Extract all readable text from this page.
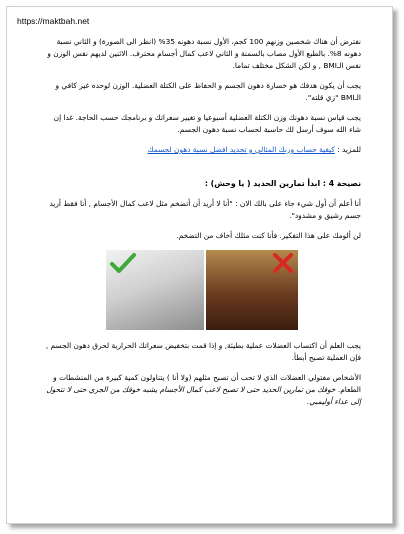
https://maktbah.net

نفترض أن هناك شخصين وزنهم 100 كجم، الأول نسبة دهونه 35% (انظر الى الصورة) و الثاني نسبة دهونه 8%. بالطبع الأول مصاب بالسمنة و الثاني لاعب كمال أجسام محترف. الاثنين لديهم نفس الوزن و نفس الـBMI , و لكن الشكل مختلف تماما.

يجب أن يكون هدفك هو خسارة دهون الجسم و الحفاظ على الكتلة العضلية. الوزن لوحده غير كافي و الـBMI "زي قلته".

يجب قياس نسبة دهونك وزن الكتلة العضلية أسبوعيا و تغيير سعراتك و برنامجك حسب الحاجة. غدا إن شاء الله سوف أرسل لك حاسبة لحساب نسبة دهون الجسم.

للمزيد : كيفية حساب وزنك المثالي و تحديد افضل نسبة دهون لجسمك

نصيحة 4 : ابدأ تمارين الحديد ( يا وحش) :

أنا أعلم أن أول شيء جاء على بالك الان : "أنا لا أريد أن أتضخم مثل لاعب كمال الأجسام , أنا فقط أريد جسم رشيق و مشدود".

لن ألومك على هذا التفكير. فأنا كنت مثلك أخاف من التضخم.

يجب العلم أن اكتساب العضلات عملية بطيئة, و إذا قمت بتخفيض سعراتك الحرارية لحرق دهون الجسم , فإن العملية تصبح أبطأ.

الأشخاص مفتولي العضلات الذي لا تحب أن تصبح مثلهم (ولا أنا ) يتناولون كمية كبيرة من المنشطات و الطعام. خوفك من تمارين الحديد حتى لا تصبح لاعب كمال الأجسام يشبه خوفك من الجري حتى لا تتحول إلى عداء أوليمبي.
